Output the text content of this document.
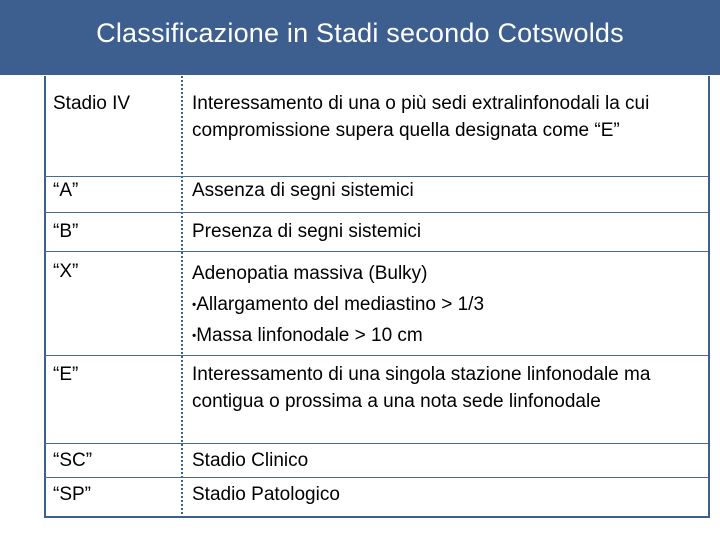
Classificazione in Stadi secondo Cotswolds
Stadio IV	Interessamento di una o più sedi extralinfonodali la cui compromissione supera quella designata come “E”
“A”	Assenza di segni sistemici
“B”	Presenza di segni sistemici
“X”	Adenopatia massiva (Bulky)
•Allargamento del mediastino > 1/3
•Massa linfonodale > 10 cm
“E”	Interessamento di una singola stazione linfonodale ma contigua o prossima a una nota sede linfonodale
“SC”	Stadio Clinico
“SP”	Stadio Patologico
